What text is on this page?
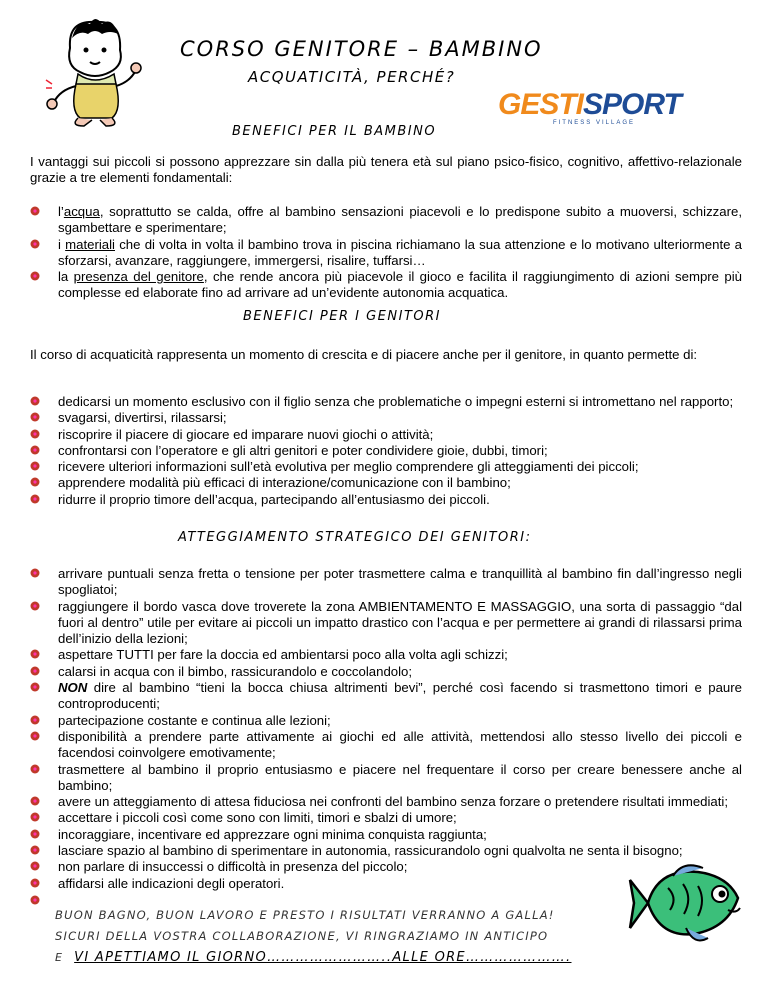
CORSO GENITORE – BAMBINO
ACQUATICITÀ, PERCHÉ?
GESTISPORT
FITNESS VILLAGE
BENEFICI PER IL BAMBINO
I vantaggi sui piccoli si possono apprezzare sin dalla più tenera età sul piano psico-fisico, cognitivo, affettivo-relazionale grazie a tre elementi fondamentali:
l’acqua, soprattutto se calda, offre al bambino sensazioni piacevoli e lo predispone subito a muoversi, schizzare, sgambettare e sperimentare;
i materiali che di volta in volta il bambino trova in piscina richiamano la sua attenzione e lo motivano ulteriormente a sforzarsi, avanzare, raggiungere, immergersi, risalire, tuffarsi…
la presenza del genitore, che rende ancora più piacevole il gioco e facilita il raggiungimento di azioni sempre più complesse ed elaborate fino ad arrivare ad un’evidente autonomia acquatica.
BENEFICI PER I GENITORI
Il corso di acquaticità rappresenta un momento di crescita e di piacere anche per il genitore, in quanto permette di:
dedicarsi un momento esclusivo con il figlio senza che problematiche o impegni esterni si intromettano nel rapporto;
svagarsi, divertirsi, rilassarsi;
riscoprire il piacere di giocare ed imparare nuovi giochi o attività;
confrontarsi con l’operatore e gli altri genitori e poter condividere gioie, dubbi, timori;
ricevere ulteriori informazioni sull’età evolutiva per meglio comprendere gli atteggiamenti dei piccoli;
apprendere modalità più efficaci di interazione/comunicazione con il bambino;
ridurre il proprio timore dell’acqua, partecipando all’entusiasmo dei piccoli.
ATTEGGIAMENTO STRATEGICO DEI GENITORI:
arrivare puntuali senza fretta o tensione per poter trasmettere calma e tranquillità al bambino fin dall’ingresso negli spogliatoi;
raggiungere il bordo vasca dove troverete la zona AMBIENTAMENTO E MASSAGGIO, una sorta di passaggio “dal fuori al dentro” utile per evitare ai piccoli un impatto drastico con l’acqua e per permettere ai grandi di rilassarsi prima dell’inizio della lezioni;
aspettare TUTTI per fare la doccia ed ambientarsi poco alla volta agli schizzi;
calarsi in acqua con il bimbo, rassicurandolo e coccolandolo;
NON dire al bambino “tieni la bocca chiusa altrimenti bevi”, perché così facendo si trasmettono timori e paure controproducenti;
partecipazione costante e continua alle lezioni;
disponibilità a prendere parte attivamente ai giochi ed alle attività, mettendosi allo stesso livello dei piccoli e facendosi coinvolgere emotivamente;
trasmettere al bambino il proprio entusiasmo e piacere nel frequentare il corso per creare benessere anche al bambino;
avere un atteggiamento di attesa fiduciosa nei confronti del bambino senza forzare o pretendere risultati immediati;
accettare i piccoli così come sono con limiti, timori e sbalzi di umore;
incoraggiare, incentivare ed apprezzare ogni minima conquista raggiunta;
lasciare spazio al bambino di sperimentare in autonomia, rassicurandolo ogni qualvolta ne senta il bisogno;
non parlare di insuccessi o difficoltà in presenza del piccolo;
affidarsi alle indicazioni degli operatori.
BUON BAGNO, BUON LAVORO E PRESTO I RISULTATI VERRANNO A GALLA!
SICURI DELLA VOSTRA COLLABORAZIONE, VI RINGRAZIAMO IN ANTICIPO
E VI APETTIAMO IL GIORNO……………………..ALLE ORE………………….
